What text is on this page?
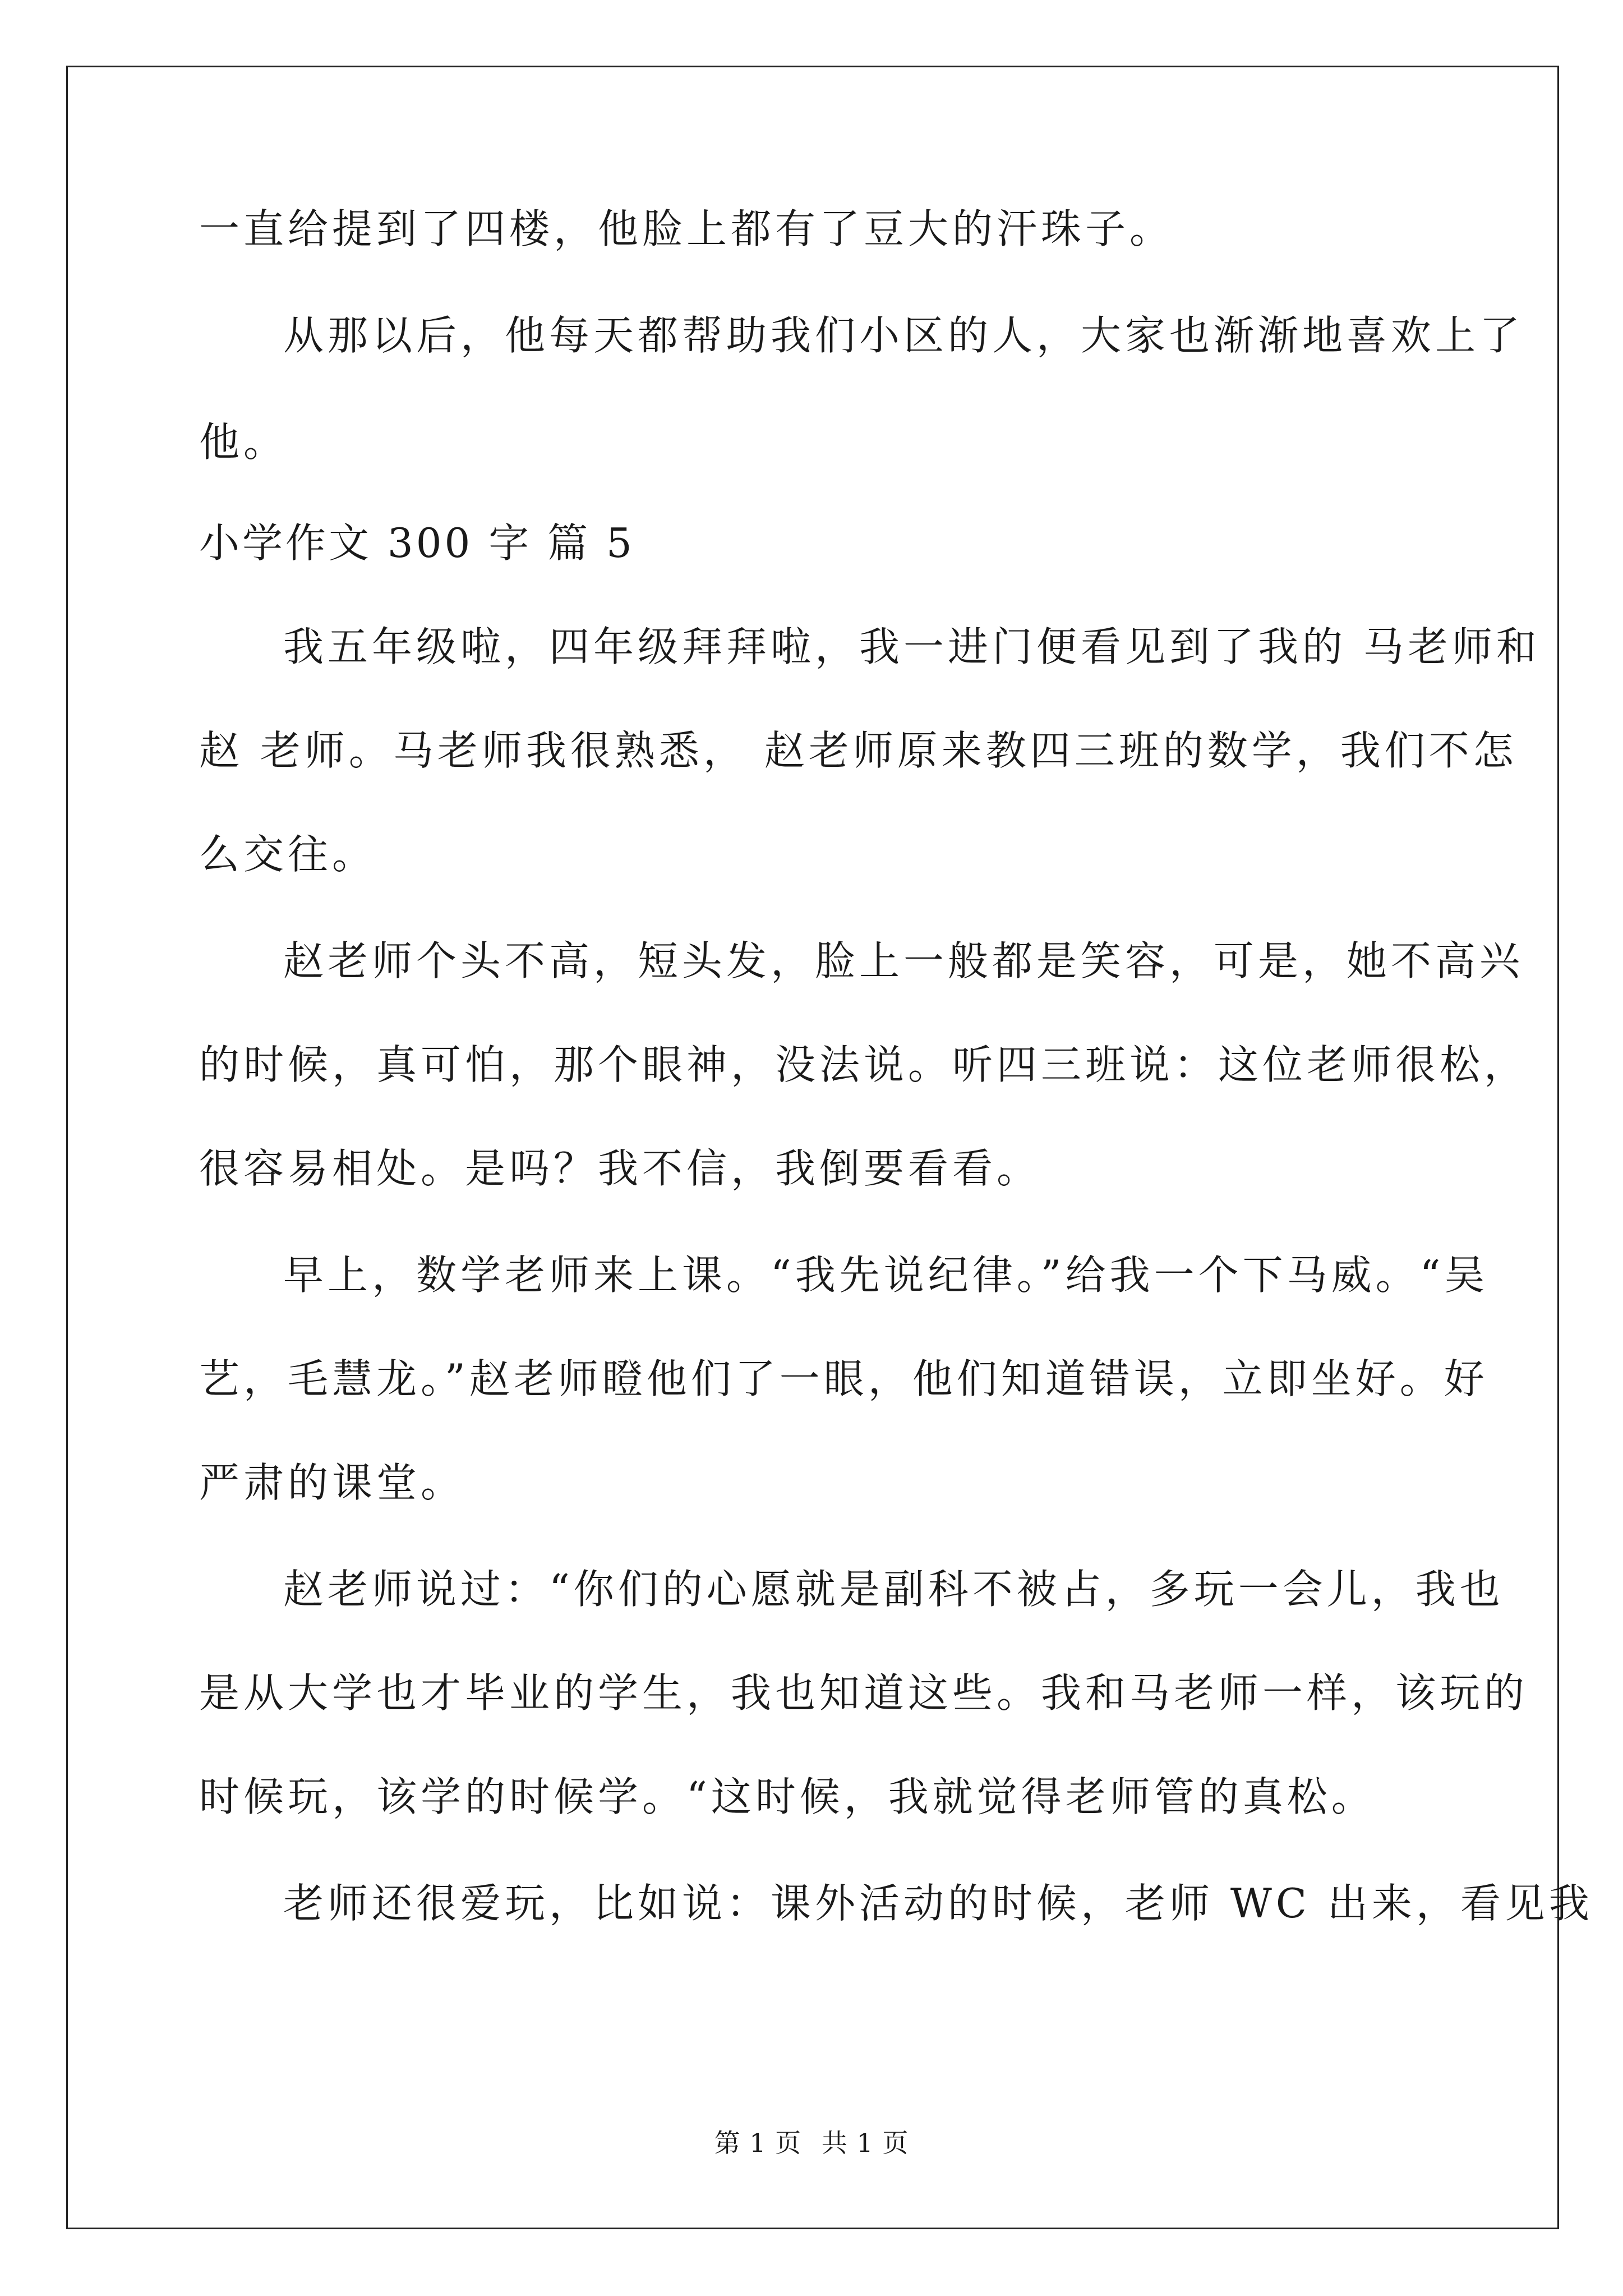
一直给提到了四楼，他脸上都有了豆大的汗珠子。
从那以后，他每天都帮助我们小区的人，大家也渐渐地喜欢上了
他。
小学作文 300 字 篇 5
我五年级啦，四年级拜拜啦，我一进门便看见到了我的 马老师和
赵 老师。马老师我很熟悉， 赵老师原来教四三班的数学，我们不怎
么交往。
赵老师个头不高，短头发，脸上一般都是笑容，可是，她不高兴
的时候，真可怕，那个眼神，没法说。听四三班说：这位老师很松，
很容易相处。是吗？我不信，我倒要看看。
早上，数学老师来上课。“我先说纪律。”给我一个下马威。“吴
艺，毛慧龙。”赵老师瞪他们了一眼，他们知道错误，立即坐好。好
严肃的课堂。
赵老师说过：“你们的心愿就是副科不被占，多玩一会儿，我也
是从大学也才毕业的学生，我也知道这些。我和马老师一样，该玩的
时候玩，该学的时候学。“这时候，我就觉得老师管的真松。
老师还很爱玩，比如说：课外活动的时候，老师 WC 出来，看见我
第 1 页 共 1 页
